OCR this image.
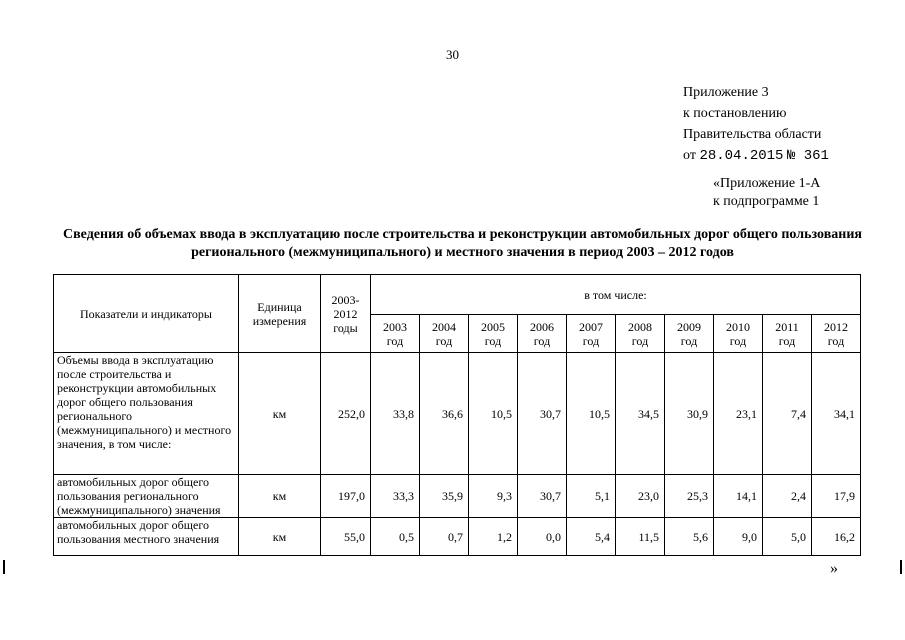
30
Приложение 3
к постановлению
Правительства области
от 28.04.2015 № 361
«Приложение 1-А
к подпрограмме 1
Сведения об объемах ввода в эксплуатацию после строительства и реконструкции автомобильных дорог общего пользования регионального (межмуниципального) и местного значения в период 2003 – 2012 годов
Показатели и индикаторы	Единица измерения	2003-2012 годы	в том числе:									
			2003 год	2004 год	2005 год	2006 год	2007 год	2008 год	2009 год	2010 год	2011 год	2012 год
Объемы ввода в эксплуатацию после строительства и реконструкции автомобильных дорог общего пользования регионального (межмуниципального) и местного значения, в том числе:	км	252,0	33,8	36,6	10,5	30,7	10,5	34,5	30,9	23,1	7,4	34,1
автомобильных дорог общего пользования регионального (межмуниципального) значения	км	197,0	33,3	35,9	9,3	30,7	5,1	23,0	25,3	14,1	2,4	17,9
автомобильных дорог общего пользования местного значения	км	55,0	0,5	0,7	1,2	0,0	5,4	11,5	5,6	9,0	5,0	16,2
»
